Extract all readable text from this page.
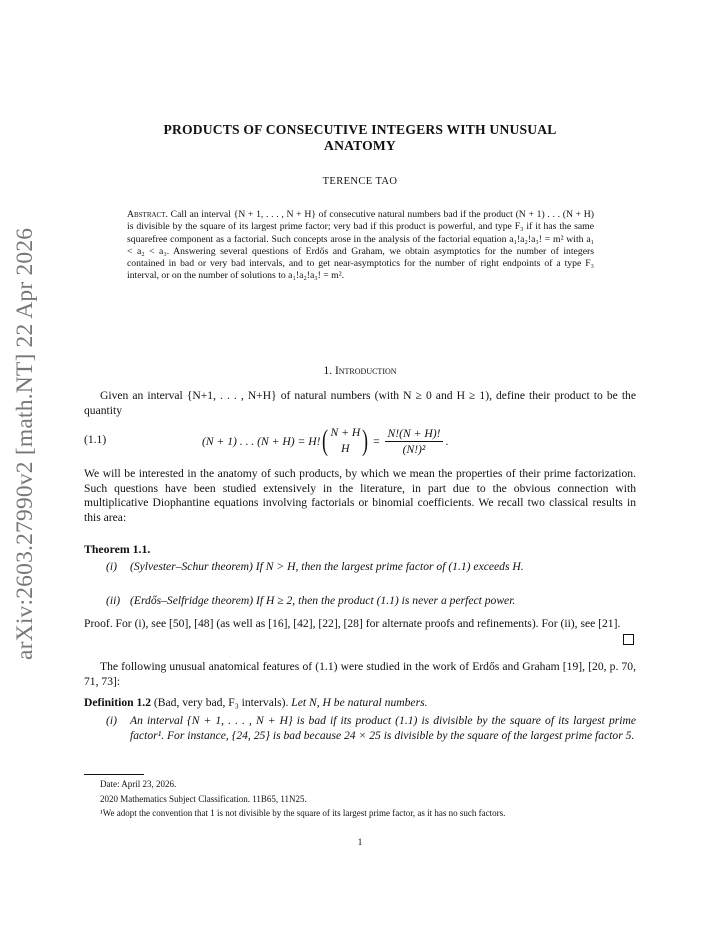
arXiv:2603.27990v2 [math.NT] 22 Apr 2026
PRODUCTS OF CONSECUTIVE INTEGERS WITH UNUSUAL
ANATOMY
TERENCE TAO
Abstract. Call an interval {N + 1, . . . , N + H} of consecutive natural numbers bad if the product (N + 1) . . . (N + H) is divisible by the square of its largest prime factor; very bad if this product is powerful, and type F₃ if it has the same squarefree component as a factorial. Such concepts arose in the analysis of the factorial equation a₁!a₂!a₃! = m² with a₁ < a₂ < a₃. Answering several questions of Erdős and Graham, we obtain asymptotics for the number of integers contained in bad or very bad intervals, and to get near-asymptotics for the number of right endpoints of a type F₃ interval, or on the number of solutions to a₁!a₂!a₃! = m².
1. Introduction
Given an interval {N+1, . . . , N+H} of natural numbers (with N ≥ 0 and H ≥ 1), define their product to be the quantity
(1.1)	(N + 1) . . . (N + H) = H! ( N + H
H ) = $\frac{N!(N + H)!}{\text{(N!)²}}$ .
We will be interested in the anatomy of such products, by which we mean the properties of their prime factorization. Such questions have been studied extensively in the literature, in part due to the obvious connection with multiplicative Diophantine equations involving factorials or binomial coefficients. We recall two classical results in this area:
Theorem 1.1.
(i) (Sylvester–Schur theorem) If N > H, then the largest prime factor of (1.1) exceeds H.
(ii) (Erdős–Selfridge theorem) If H ≥ 2, then the product (1.1) is never a perfect power.
Proof. For (i), see [50], [48] (as well as [16], [42], [22], [28] for alternate proofs and refinements). For (ii), see [21].
The following unusual anatomical features of (1.1) were studied in the work of Erdős and Graham [19], [20, p. 70, 71, 73]:
Definition 1.2 (Bad, very bad, F₃ intervals). Let N, H be natural numbers.
(i) An interval {N + 1, . . . , N + H} is bad if its product (1.1) is divisible by the square of its largest prime factor¹. For instance, {24, 25} is bad because 24 × 25 is divisible by the square of the largest prime factor 5.
Date: April 23, 2026.
2020 Mathematics Subject Classification. 11B65, 11N25.
¹We adopt the convention that 1 is not divisible by the square of its largest prime factor, as it has no such factors.
1
